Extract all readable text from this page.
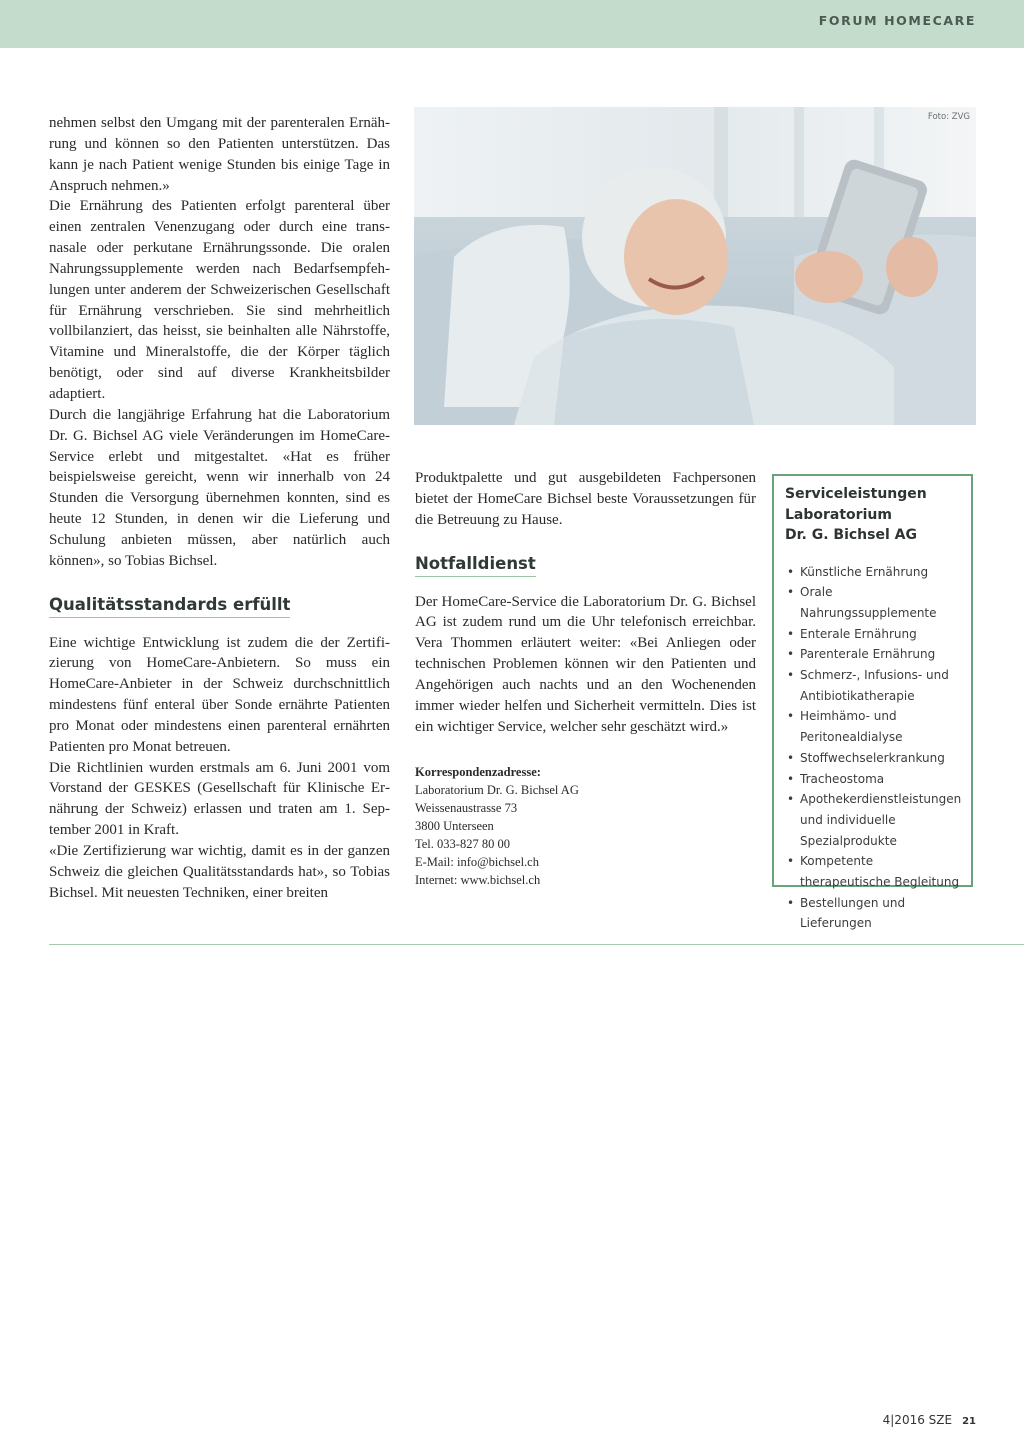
FORUM HOMECARE

nehmen selbst den Umgang mit der parenteralen Ernährung und können so den Patienten unterstützen. Das kann je nach Patient wenige Stunden bis einige Tage in Anspruch nehmen.»

Die Ernährung des Patienten erfolgt parenteral über einen zentralen Venenzugang oder durch eine transnasale oder perkutane Ernährungssonde. Die oralen Nahrungssupplemente werden nach Bedarfsempfehlungen unter anderem der Schweizerischen Gesellschaft für Ernährung verschrieben. Sie sind mehrheitlich vollbilanziert, das heisst, sie beinhalten alle Nährstoffe, Vitamine und Mineralstoffe, die der Körper täglich benötigt, oder sind auf diverse Krankheitsbilder adaptiert.

Durch die langjährige Erfahrung hat die Laboratorium Dr. G. Bichsel AG viele Veränderungen im HomeCare-Service erlebt und mitgestaltet. «Hat es früher beispielsweise gereicht, wenn wir innerhalb von 24 Stunden die Versorgung übernehmen konnten, sind es heute 12 Stunden, in denen wir die Lieferung und Schulung anbieten müssen, aber natürlich auch können», so Tobias Bichsel.

Qualitätsstandards erfüllt

Eine wichtige Entwicklung ist zudem die der Zertifizierung von HomeCare-Anbietern. So muss ein HomeCare-Anbieter in der Schweiz durchschnittlich mindestens fünf enteral über Sonde ernährte Patienten pro Monat oder mindestens einen parenteral ernährten Patienten pro Monat betreuen.

Die Richtlinien wurden erstmals am 6. Juni 2001 vom Vorstand der GESKES (Gesellschaft für Klinische Ernährung der Schweiz) erlassen und traten am 1. September 2001 in Kraft.

«Die Zertifizierung war wichtig, damit es in der ganzen Schweiz die gleichen Qualitätsstandards hat», so Tobias Bichsel. Mit neuesten Techniken, einer breiten

Foto: ZVG

Produktpalette und gut ausgebildeten Fachpersonen bietet der HomeCare Bichsel beste Voraussetzungen für die Betreuung zu Hause.

Notfalldienst

Der HomeCare-Service die Laboratorium Dr. G. Bichsel AG ist zudem rund um die Uhr telefonisch erreichbar. Vera Thommen erläutert weiter: «Bei Anliegen oder technischen Problemen können wir den Patienten und Angehörigen auch nachts und an den Wochenenden immer wieder helfen und Sicherheit vermitteln. Dies ist ein wichtiger Service, welcher sehr geschätzt wird.»

Korrespondenzadresse:
Laboratorium Dr. G. Bichsel AG
Weissenaustrasse 73
3800 Unterseen
Tel. 033-827 80 00
E-Mail: info@bichsel.ch
Internet: www.bichsel.ch
Serviceleistungen
Laboratorium
Dr. G. Bichsel AG
• Künstliche Ernährung
• Orale Nahrungssupplemente
• Enterale Ernährung
• Parenterale Ernährung
• Schmerz-, Infusions- und Antibiotikatherapie
• Heimhämo- und Peritonealdialyse
• Stoffwechselerkrankung
• Tracheostoma
• Apothekerdienstleistungen und individuelle Spezialprodukte
• Kompetente therapeutische Begleitung
• Bestellungen und Lieferungen
4|2016 SZE 21
